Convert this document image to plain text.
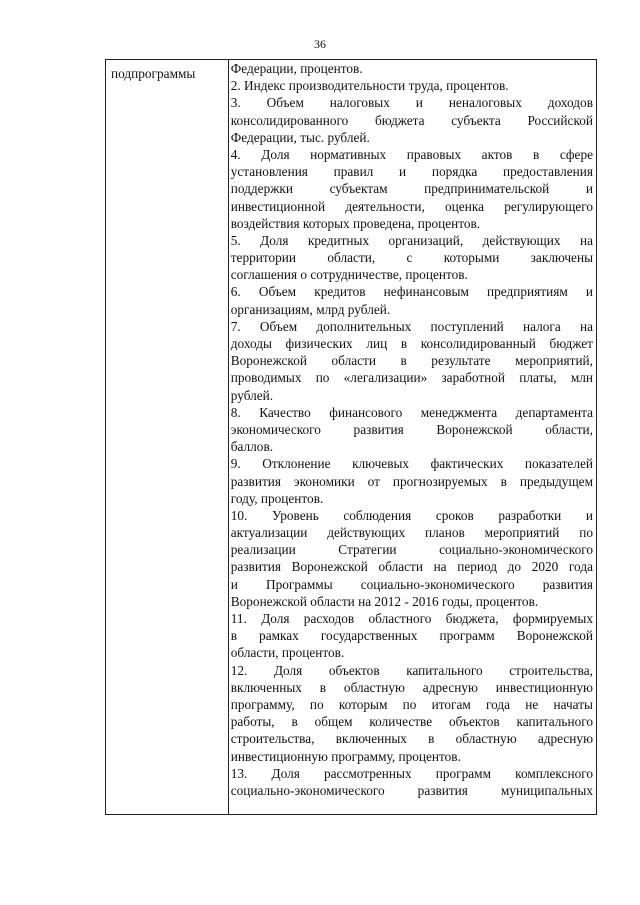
36
подпрограммы	Федерации, процентов.
2. Индекс производительности труда, процентов.
3. Объем налоговых и неналоговых доходов
консолидированного бюджета субъекта Российской
Федерации, тыс. рублей.
4. Доля нормативных правовых актов в сфере
установления правил и порядка предоставления
поддержки субъектам предпринимательской и
инвестиционной деятельности, оценка регулирующего
воздействия которых проведена, процентов.
5. Доля кредитных организаций, действующих на
территории области, с которыми заключены
соглашения о сотрудничестве, процентов.
6. Объем кредитов нефинансовым предприятиям и
организациям, млрд рублей.
7. Объем дополнительных поступлений налога на
доходы физических лиц в консолидированный бюджет
Воронежской области в результате мероприятий,
проводимых по «легализации» заработной платы, млн
рублей.
8. Качество финансового менеджмента департамента
экономического развития Воронежской области,
баллов.
9. Отклонение ключевых фактических показателей
развития экономики от прогнозируемых в предыдущем
году, процентов.
10. Уровень соблюдения сроков разработки и
актуализации действующих планов мероприятий по
реализации Стратегии социально-экономического
развития Воронежской области на период до 2020 года
и Программы социально-экономического развития
Воронежской области на 2012 - 2016 годы, процентов.
11. Доля расходов областного бюджета, формируемых
в рамках государственных программ Воронежской
области, процентов.
12. Доля объектов капитального строительства,
включенных в областную адресную инвестиционную
программу, по которым по итогам года не начаты
работы, в общем количестве объектов капитального
строительства, включенных в областную адресную
инвестиционную программу, процентов.
13. Доля рассмотренных программ комплексного
социально-экономического развития муниципальных
